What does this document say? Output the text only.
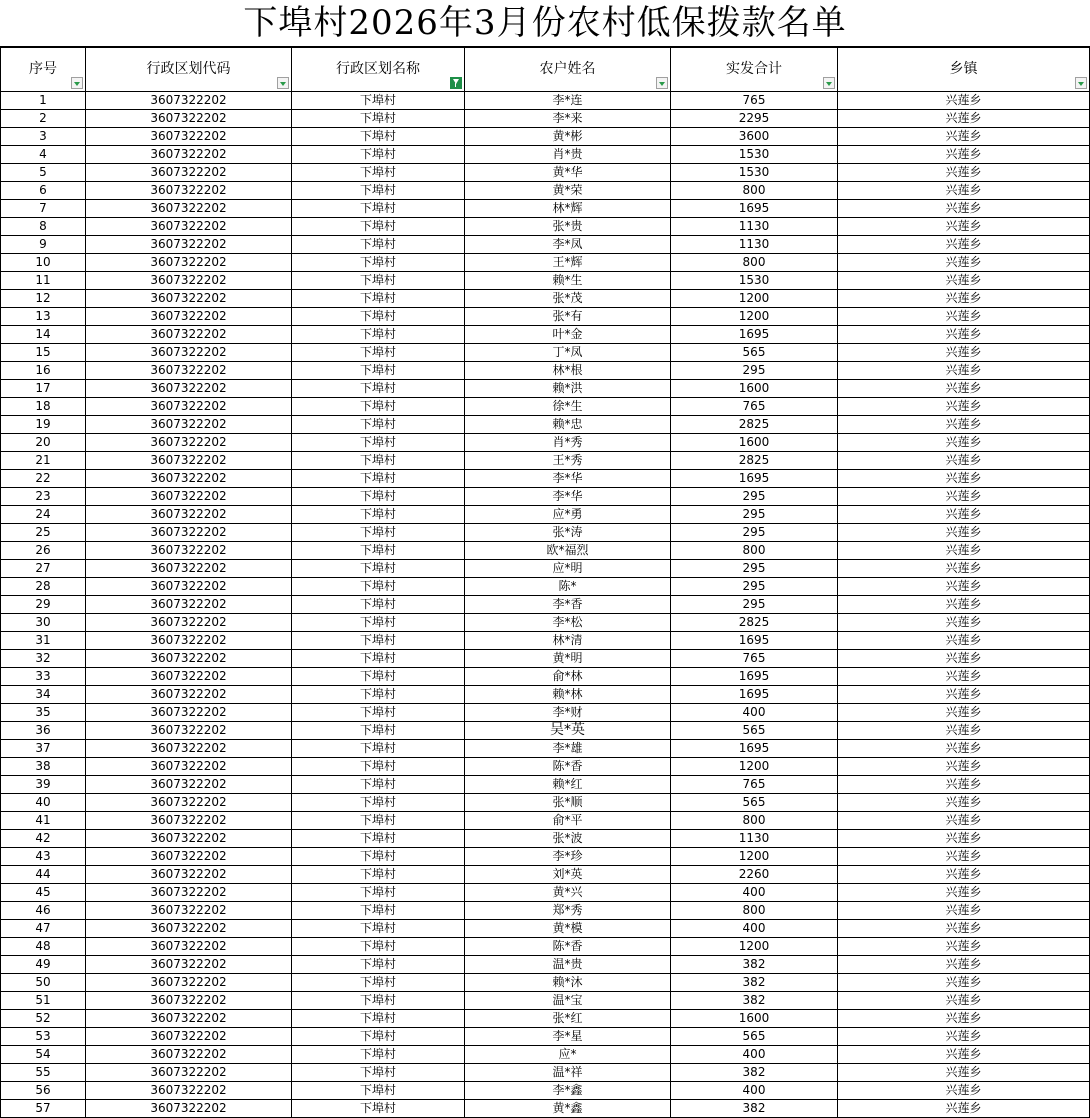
下埠村2026年3月份农村低保拨款名单
序号	行政区划代码	行政区划名称	农户姓名	实发合计	乡镇

1	3607322202	下埠村	李*连	765	兴莲乡
2	3607322202	下埠村	李*来	2295	兴莲乡
3	3607322202	下埠村	黄*彬	3600	兴莲乡
4	3607322202	下埠村	肖*贵	1530	兴莲乡
5	3607322202	下埠村	黄*华	1530	兴莲乡
6	3607322202	下埠村	黄*荣	800	兴莲乡
7	3607322202	下埠村	林*辉	1695	兴莲乡
8	3607322202	下埠村	张*贵	1130	兴莲乡
9	3607322202	下埠村	李*凤	1130	兴莲乡
10	3607322202	下埠村	王*辉	800	兴莲乡
11	3607322202	下埠村	赖*生	1530	兴莲乡
12	3607322202	下埠村	张*茂	1200	兴莲乡
13	3607322202	下埠村	张*有	1200	兴莲乡
14	3607322202	下埠村	叶*金	1695	兴莲乡
15	3607322202	下埠村	丁*凤	565	兴莲乡
16	3607322202	下埠村	林*根	295	兴莲乡
17	3607322202	下埠村	赖*洪	1600	兴莲乡
18	3607322202	下埠村	徐*生	765	兴莲乡
19	3607322202	下埠村	赖*忠	2825	兴莲乡
20	3607322202	下埠村	肖*秀	1600	兴莲乡
21	3607322202	下埠村	王*秀	2825	兴莲乡
22	3607322202	下埠村	李*华	1695	兴莲乡
23	3607322202	下埠村	李*华	295	兴莲乡
24	3607322202	下埠村	应*勇	295	兴莲乡
25	3607322202	下埠村	张*涛	295	兴莲乡
26	3607322202	下埠村	欧*福烈	800	兴莲乡
27	3607322202	下埠村	应*明	295	兴莲乡
28	3607322202	下埠村	陈*	295	兴莲乡
29	3607322202	下埠村	李*香	295	兴莲乡
30	3607322202	下埠村	李*松	2825	兴莲乡
31	3607322202	下埠村	林*清	1695	兴莲乡
32	3607322202	下埠村	黄*明	765	兴莲乡
33	3607322202	下埠村	俞*林	1695	兴莲乡
34	3607322202	下埠村	赖*林	1695	兴莲乡
35	3607322202	下埠村	李*财	400	兴莲乡
36	3607322202	下埠村	吴*英	565	兴莲乡
37	3607322202	下埠村	李*雄	1695	兴莲乡
38	3607322202	下埠村	陈*香	1200	兴莲乡
39	3607322202	下埠村	赖*红	765	兴莲乡
40	3607322202	下埠村	张*顺	565	兴莲乡
41	3607322202	下埠村	俞*平	800	兴莲乡
42	3607322202	下埠村	张*波	1130	兴莲乡
43	3607322202	下埠村	李*珍	1200	兴莲乡
44	3607322202	下埠村	刘*英	2260	兴莲乡
45	3607322202	下埠村	黄*兴	400	兴莲乡
46	3607322202	下埠村	郑*秀	800	兴莲乡
47	3607322202	下埠村	黄*模	400	兴莲乡
48	3607322202	下埠村	陈*香	1200	兴莲乡
49	3607322202	下埠村	温*贵	382	兴莲乡
50	3607322202	下埠村	赖*沐	382	兴莲乡
51	3607322202	下埠村	温*宝	382	兴莲乡
52	3607322202	下埠村	张*红	1600	兴莲乡
53	3607322202	下埠村	李*星	565	兴莲乡
54	3607322202	下埠村	应*	400	兴莲乡
55	3607322202	下埠村	温*祥	382	兴莲乡
56	3607322202	下埠村	李*鑫	400	兴莲乡
57	3607322202	下埠村	黄*鑫	382	兴莲乡
